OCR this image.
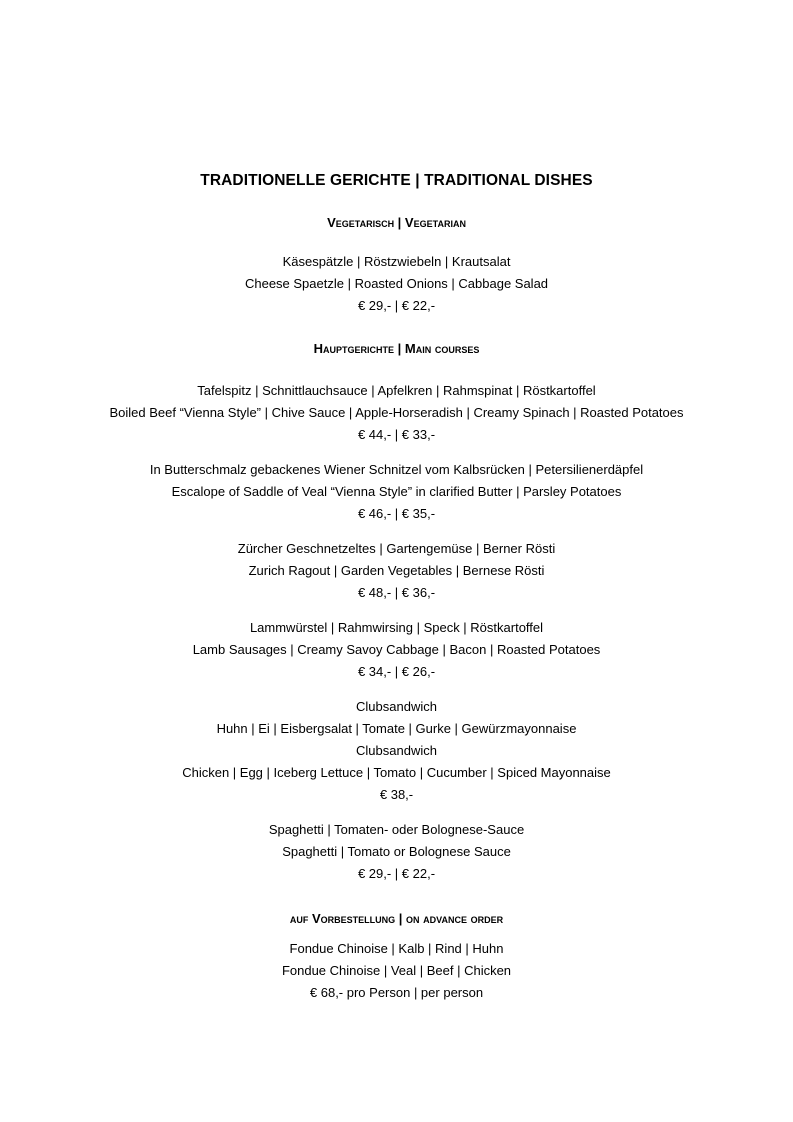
TRADITIONELLE GERICHTE | TRADITIONAL DISHES
Vegetarisch | Vegetarian
Käsespätzle | Röstzwiebeln | Krautsalat
Cheese Spaetzle | Roasted Onions | Cabbage Salad
€ 29,- | € 22,-
Hauptgerichte | Main courses
Tafelspitz | Schnittlauchsauce | Apfelkren | Rahmspinat | Röstkartoffel
Boiled Beef “Vienna Style” | Chive Sauce | Apple-Horseradish | Creamy Spinach | Roasted Potatoes
€ 44,- | € 33,-
In Butterschmalz gebackenes Wiener Schnitzel vom Kalbsrücken | Petersilienerdäpfel
Escalope of Saddle of Veal “Vienna Style” in clarified Butter | Parsley Potatoes
€ 46,- | € 35,-
Zürcher Geschnetzeltes | Gartengemüse | Berner Rösti
Zurich Ragout | Garden Vegetables | Bernese Rösti
€ 48,- | € 36,-
Lammwürstel | Rahmwirsing | Speck | Röstkartoffel
Lamb Sausages | Creamy Savoy Cabbage | Bacon | Roasted Potatoes
€ 34,- | € 26,-
Clubsandwich
Huhn | Ei | Eisbergsalat | Tomate | Gurke | Gewürzmayonnaise
Clubsandwich
Chicken | Egg | Iceberg Lettuce | Tomato | Cucumber | Spiced Mayonnaise
€ 38,-
Spaghetti | Tomaten- oder Bolognese-Sauce
Spaghetti | Tomato or Bolognese Sauce
€ 29,- | € 22,-
auf Vorbestellung | on advance order
Fondue Chinoise | Kalb | Rind | Huhn
Fondue Chinoise | Veal | Beef | Chicken
€ 68,- pro Person | per person
